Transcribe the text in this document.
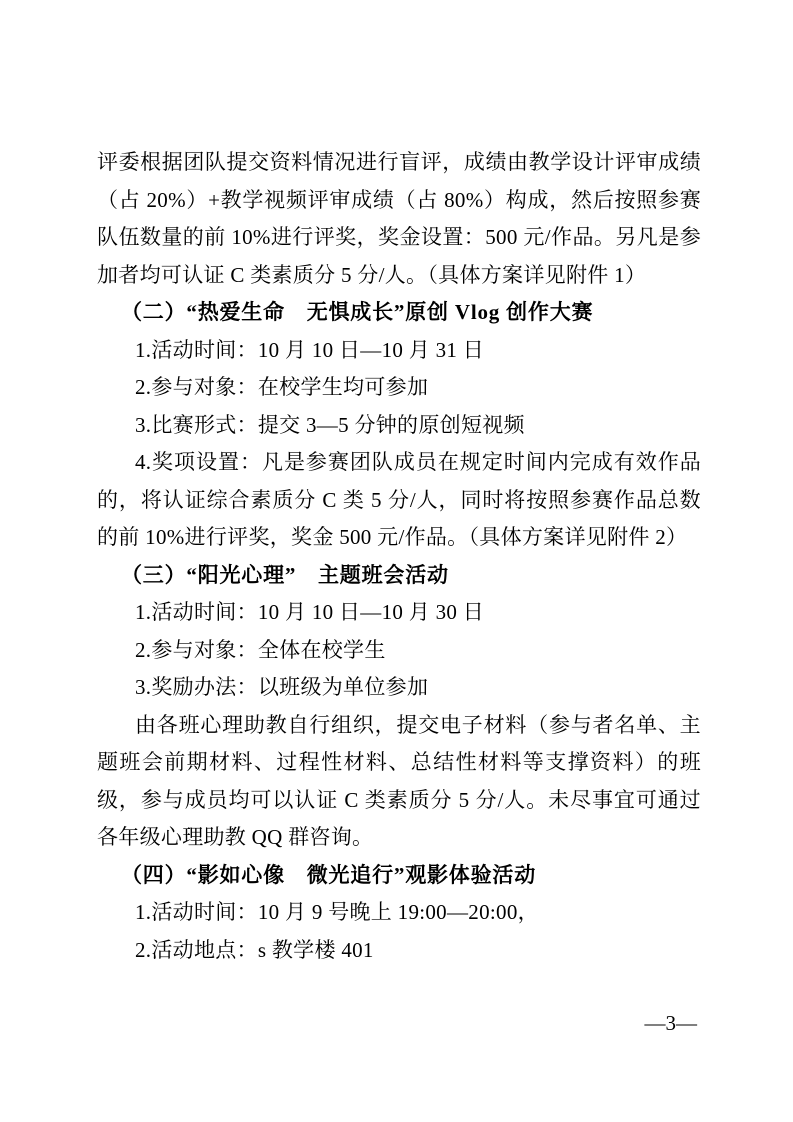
评委根据团队提交资料情况进行盲评，成绩由教学设计评审成绩（占 20%）+教学视频评审成绩（占 80%）构成，然后按照参赛队伍数量的前 10%进行评奖，奖金设置：500 元/作品。另凡是参加者均可认证 C 类素质分 5 分/人。（具体方案详见附件 1）

（二）“热爱生命　无惧成长”原创 Vlog 创作大赛

1.活动时间：10 月 10 日—10 月 31 日

2.参与对象：在校学生均可参加

3.比赛形式：提交 3—5 分钟的原创短视频

4.奖项设置：凡是参赛团队成员在规定时间内完成有效作品的，将认证综合素质分 C 类 5 分/人，同时将按照参赛作品总数的前 10%进行评奖，奖金 500 元/作品。（具体方案详见附件 2）

（三）“阳光心理”　主题班会活动

1.活动时间：10 月 10 日—10 月 30 日

2.参与对象：全体在校学生

3.奖励办法：以班级为单位参加

由各班心理助教自行组织，提交电子材料（参与者名单、主题班会前期材料、过程性材料、总结性材料等支撑资料）的班级，参与成员均可以认证 C 类素质分 5 分/人。未尽事宜可通过各年级心理助教 QQ 群咨询。

（四）“影如心像　微光追行”观影体验活动

1.活动时间：10 月 9 号晚上 19:00—20:00，

2.活动地点：s 教学楼 401

—3—
